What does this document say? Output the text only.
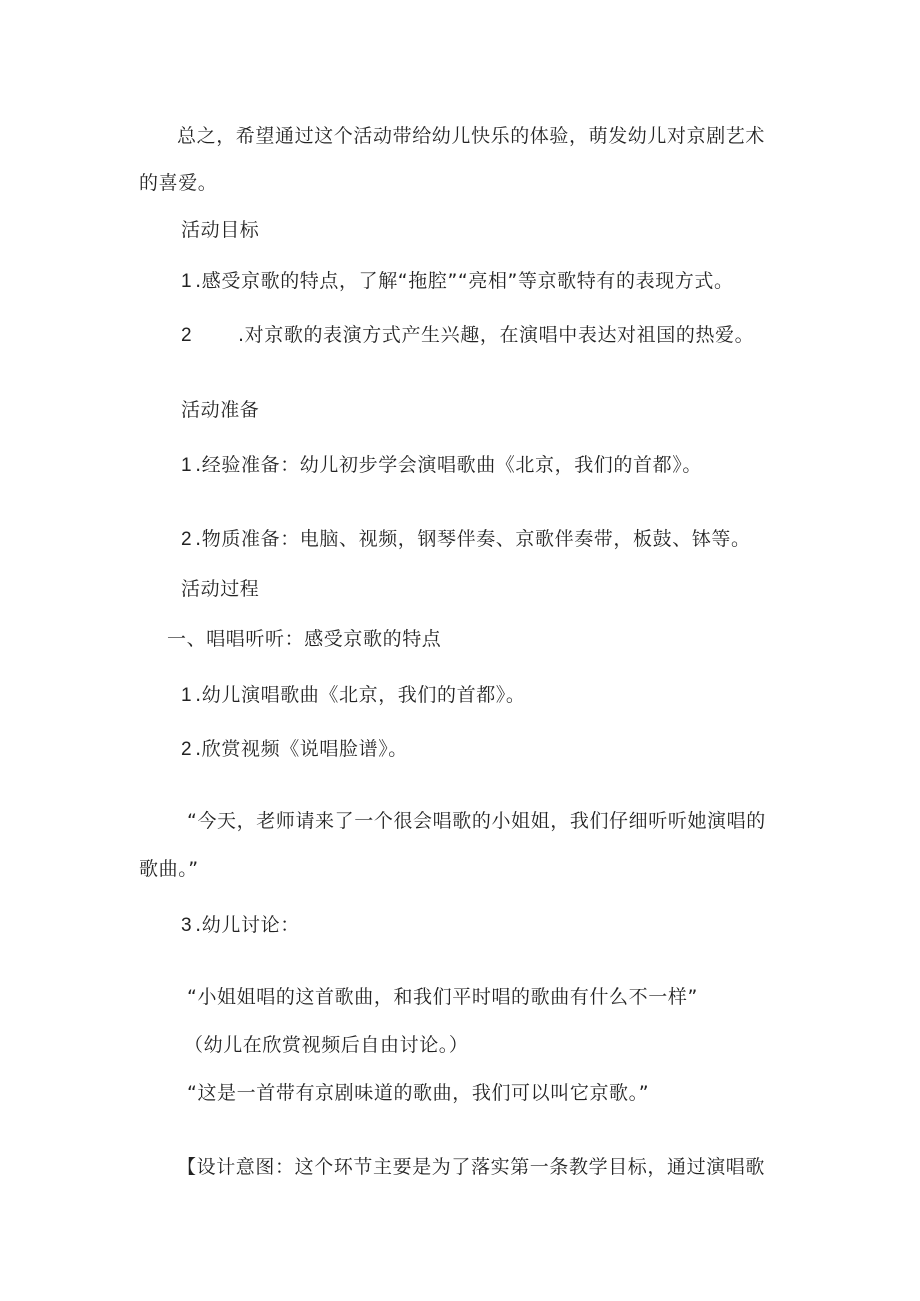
总之，希望通过这个活动带给幼儿快乐的体验，萌发幼儿对京剧艺术
的喜爱。
活动目标
1 .感受京歌的特点，了解“拖腔”“亮相”等京歌特有的表现方式。
2 .对京歌的表演方式产生兴趣，在演唱中表达对祖国的热爱。
活动准备
1 .经验准备：幼儿初步学会演唱歌曲《北京，我们的首都》。
2 .物质准备：电脑、视频，钢琴伴奏、京歌伴奏带，板鼓、钵等。
活动过程
一、唱唱听听：感受京歌的特点
1 .幼儿演唱歌曲《北京，我们的首都》。
2 .欣赏视频《说唱脸谱》。
“今天，老师请来了一个很会唱歌的小姐姐，我们仔细听听她演唱的
歌曲。”
3 .幼儿讨论：
“小姐姐唱的这首歌曲，和我们平时唱的歌曲有什么不一样”
（幼儿在欣赏视频后自由讨论。）
“这是一首带有京剧味道的歌曲，我们可以叫它京歌。”
【设计意图：这个环节主要是为了落实第一条教学目标，通过演唱歌
